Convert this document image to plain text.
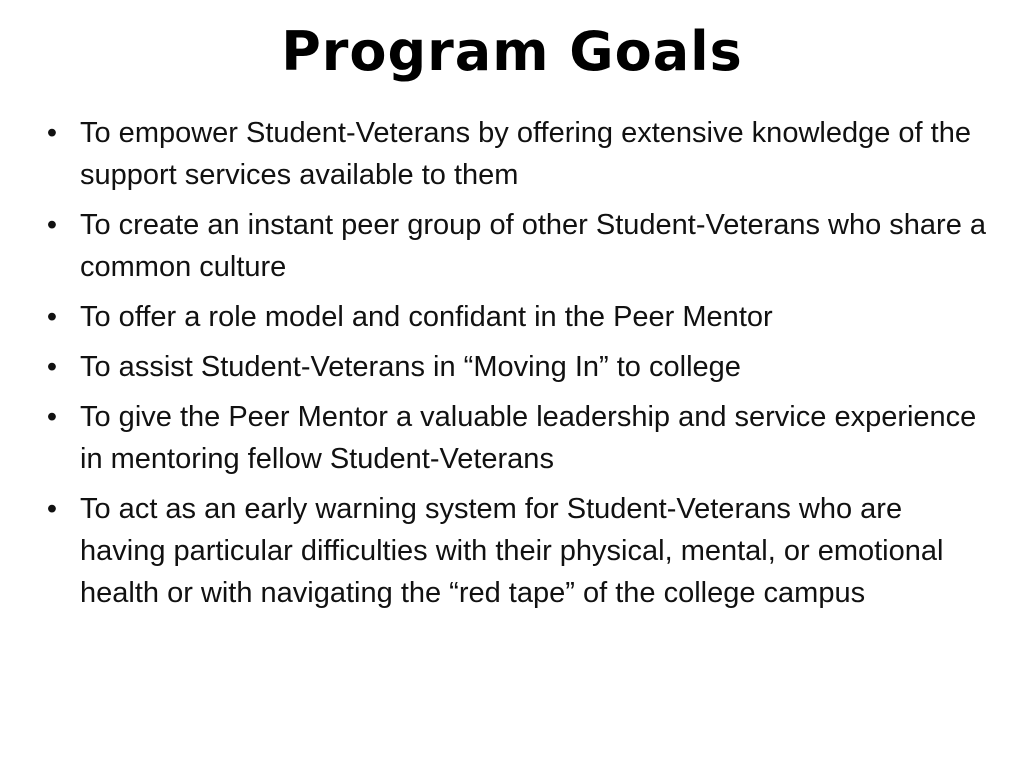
Program Goals
• To empower Student-Veterans by offering extensive knowledge of the support services available to them
• To create an instant peer group of other Student-Veterans who share a common culture
• To offer a role model and confidant in the Peer Mentor
• To assist Student-Veterans in “Moving In” to college
• To give the Peer Mentor a valuable leadership and service experience in mentoring fellow Student-Veterans
• To act as an early warning system for Student-Veterans who are having particular difficulties with their physical, mental, or emotional health or with navigating the “red tape” of the college campus
